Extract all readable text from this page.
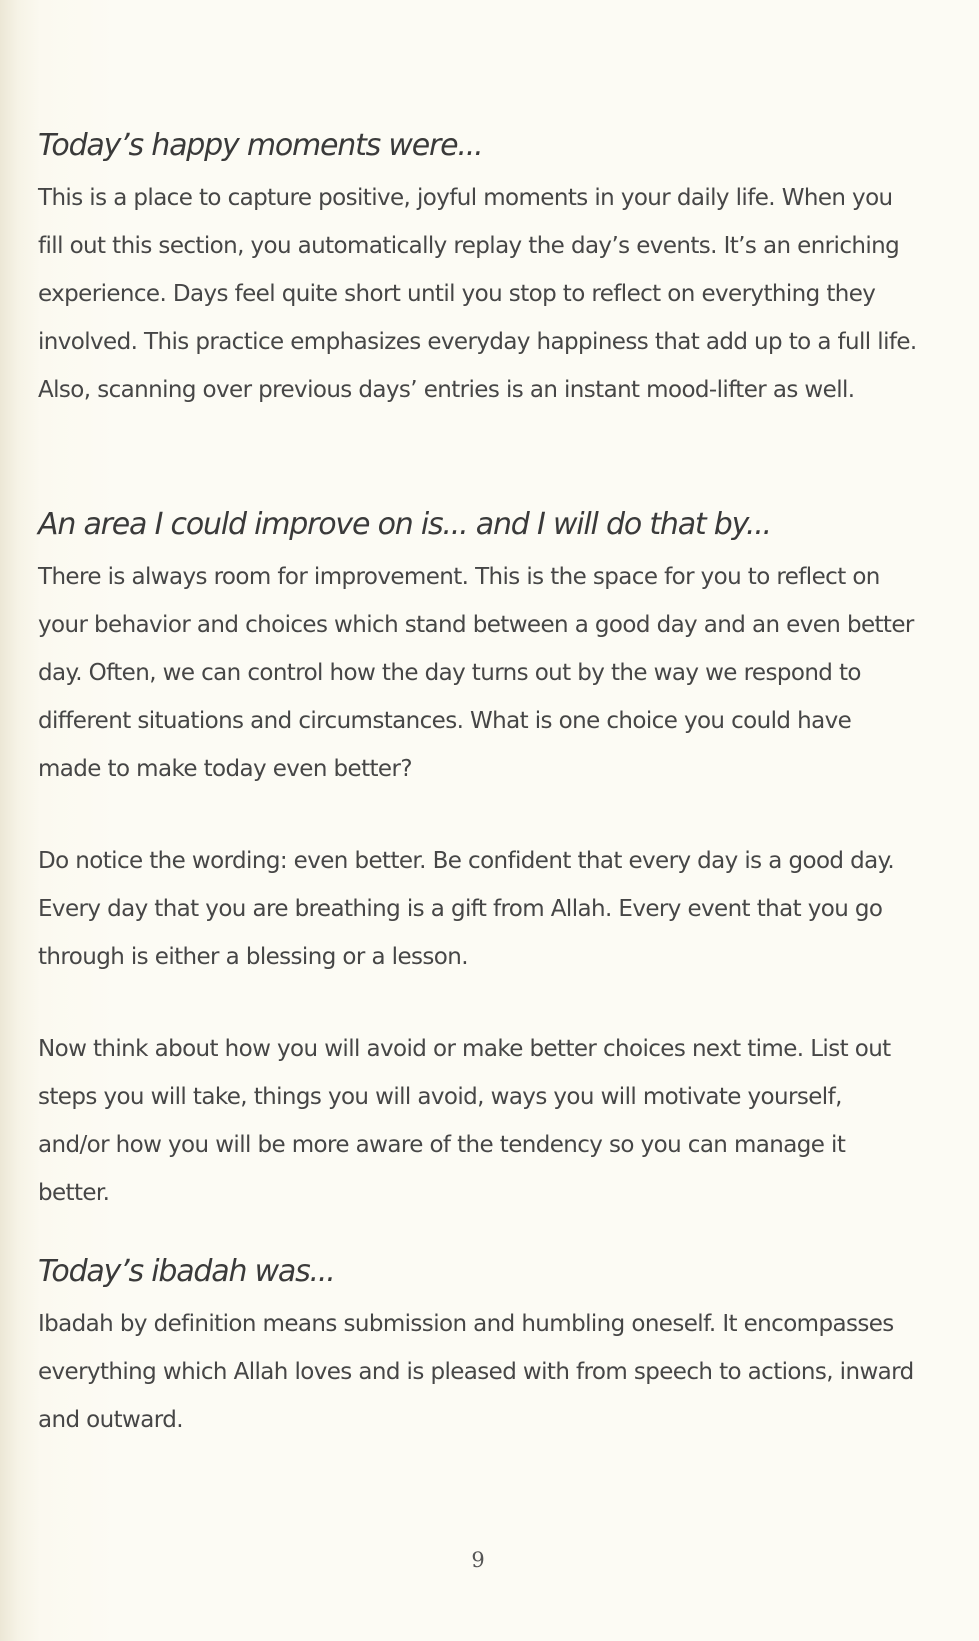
Today’s happy moments were...

This is a place to capture positive, joyful moments in your daily life. When you fill out this section, you automatically replay the day’s events. It’s an enriching experience. Days feel quite short until you stop to reflect on everything they involved. This practice emphasizes everyday happiness that add up to a full life. Also, scanning over previous days’ entries is an instant mood-lifter as well.

An area I could improve on is... and I will do that by...

There is always room for improvement. This is the space for you to reflect on your behavior and choices which stand between a good day and an even better day. Often, we can control how the day turns out by the way we respond to different situations and circumstances. What is one choice you could have made to make today even better?

Do notice the wording: even better. Be confident that every day is a good day. Every day that you are breathing is a gift from Allah. Every event that you go through is either a blessing or a lesson.

Now think about how you will avoid or make better choices next time. List out steps you will take, things you will avoid, ways you will motivate yourself, and/or how you will be more aware of the tendency so you can manage it better.

Today’s ibadah was...

Ibadah by definition means submission and humbling oneself. It encompasses everything which Allah loves and is pleased with from speech to actions, inward and outward.

9
